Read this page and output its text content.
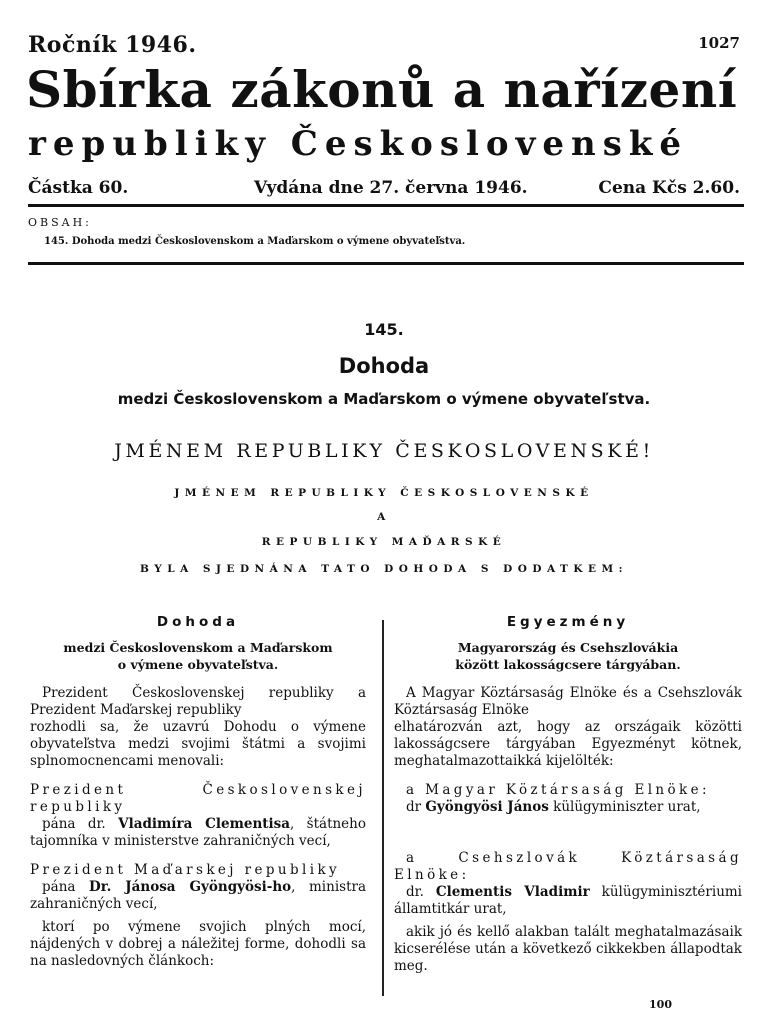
Ročník 1946.	1027
Sbírka zákonů a nařízení
republiky Československé
Částka 60.	Vydána dne 27. června 1946.	Cena Kčs 2.60.
OBSAH:
145. Dohoda medzi Československom a Maďarskom o výmene obyvateľstva.
145.
Dohoda
medzi Československom a Maďarskom o výmene obyvateľstva.
JMÉNEM REPUBLIKY ČESKOSLOVENSKÉ!
JMÉNEM REPUBLIKY ČESKOSLOVENSKÉ
A
REPUBLIKY MAĎARSKÉ
BYLA SJEDNÁNA TATO DOHODA S DODATKEM:
Dohoda
medzi Československom a Maďarskom
o výmene obyvateľstva.
Prezident Československej republiky a Prezident Maďarskej republiky
rozhodli sa, že uzavrú Dohodu o výmene obyvateľstva medzi svojimi štátmi a svojimi splnomocnencami menovali:
Prezident Československej republiky
pána dr. Vladimíra Clementisa, štátneho tajomníka v ministerstve zahraničných vecí,
Prezident Maďarskej republiky
pána Dr. Jánosa Gyöngyösi-ho, ministra zahraničných vecí,
ktorí po výmene svojich plných mocí, nájdených v dobrej a náležitej forme, dohodli sa na nasledovných článkoch:
Egyezmény
Magyarország és Csehszlovákia
között lakosságcsere tárgyában.
A Magyar Köztársaság Elnöke és a Csehszlovák Köztársaság Elnöke
elhatározván azt, hogy az országaik közötti lakosságcsere tárgyában Egyezményt kötnek, meghatalmazottaikká kijelölték:
a Magyar Köztársaság Elnöke:
dr Gyöngyösi János külügyminiszter urat,
a Csehszlovák Köztársaság Elnöke:
dr. Clementis Vladimir külügyminisztériumi államtitkár urat,
akik jó és kellő alakban talált meghatalmazásaik kicserélése után a következő cikkekben állapodtak meg.
100
